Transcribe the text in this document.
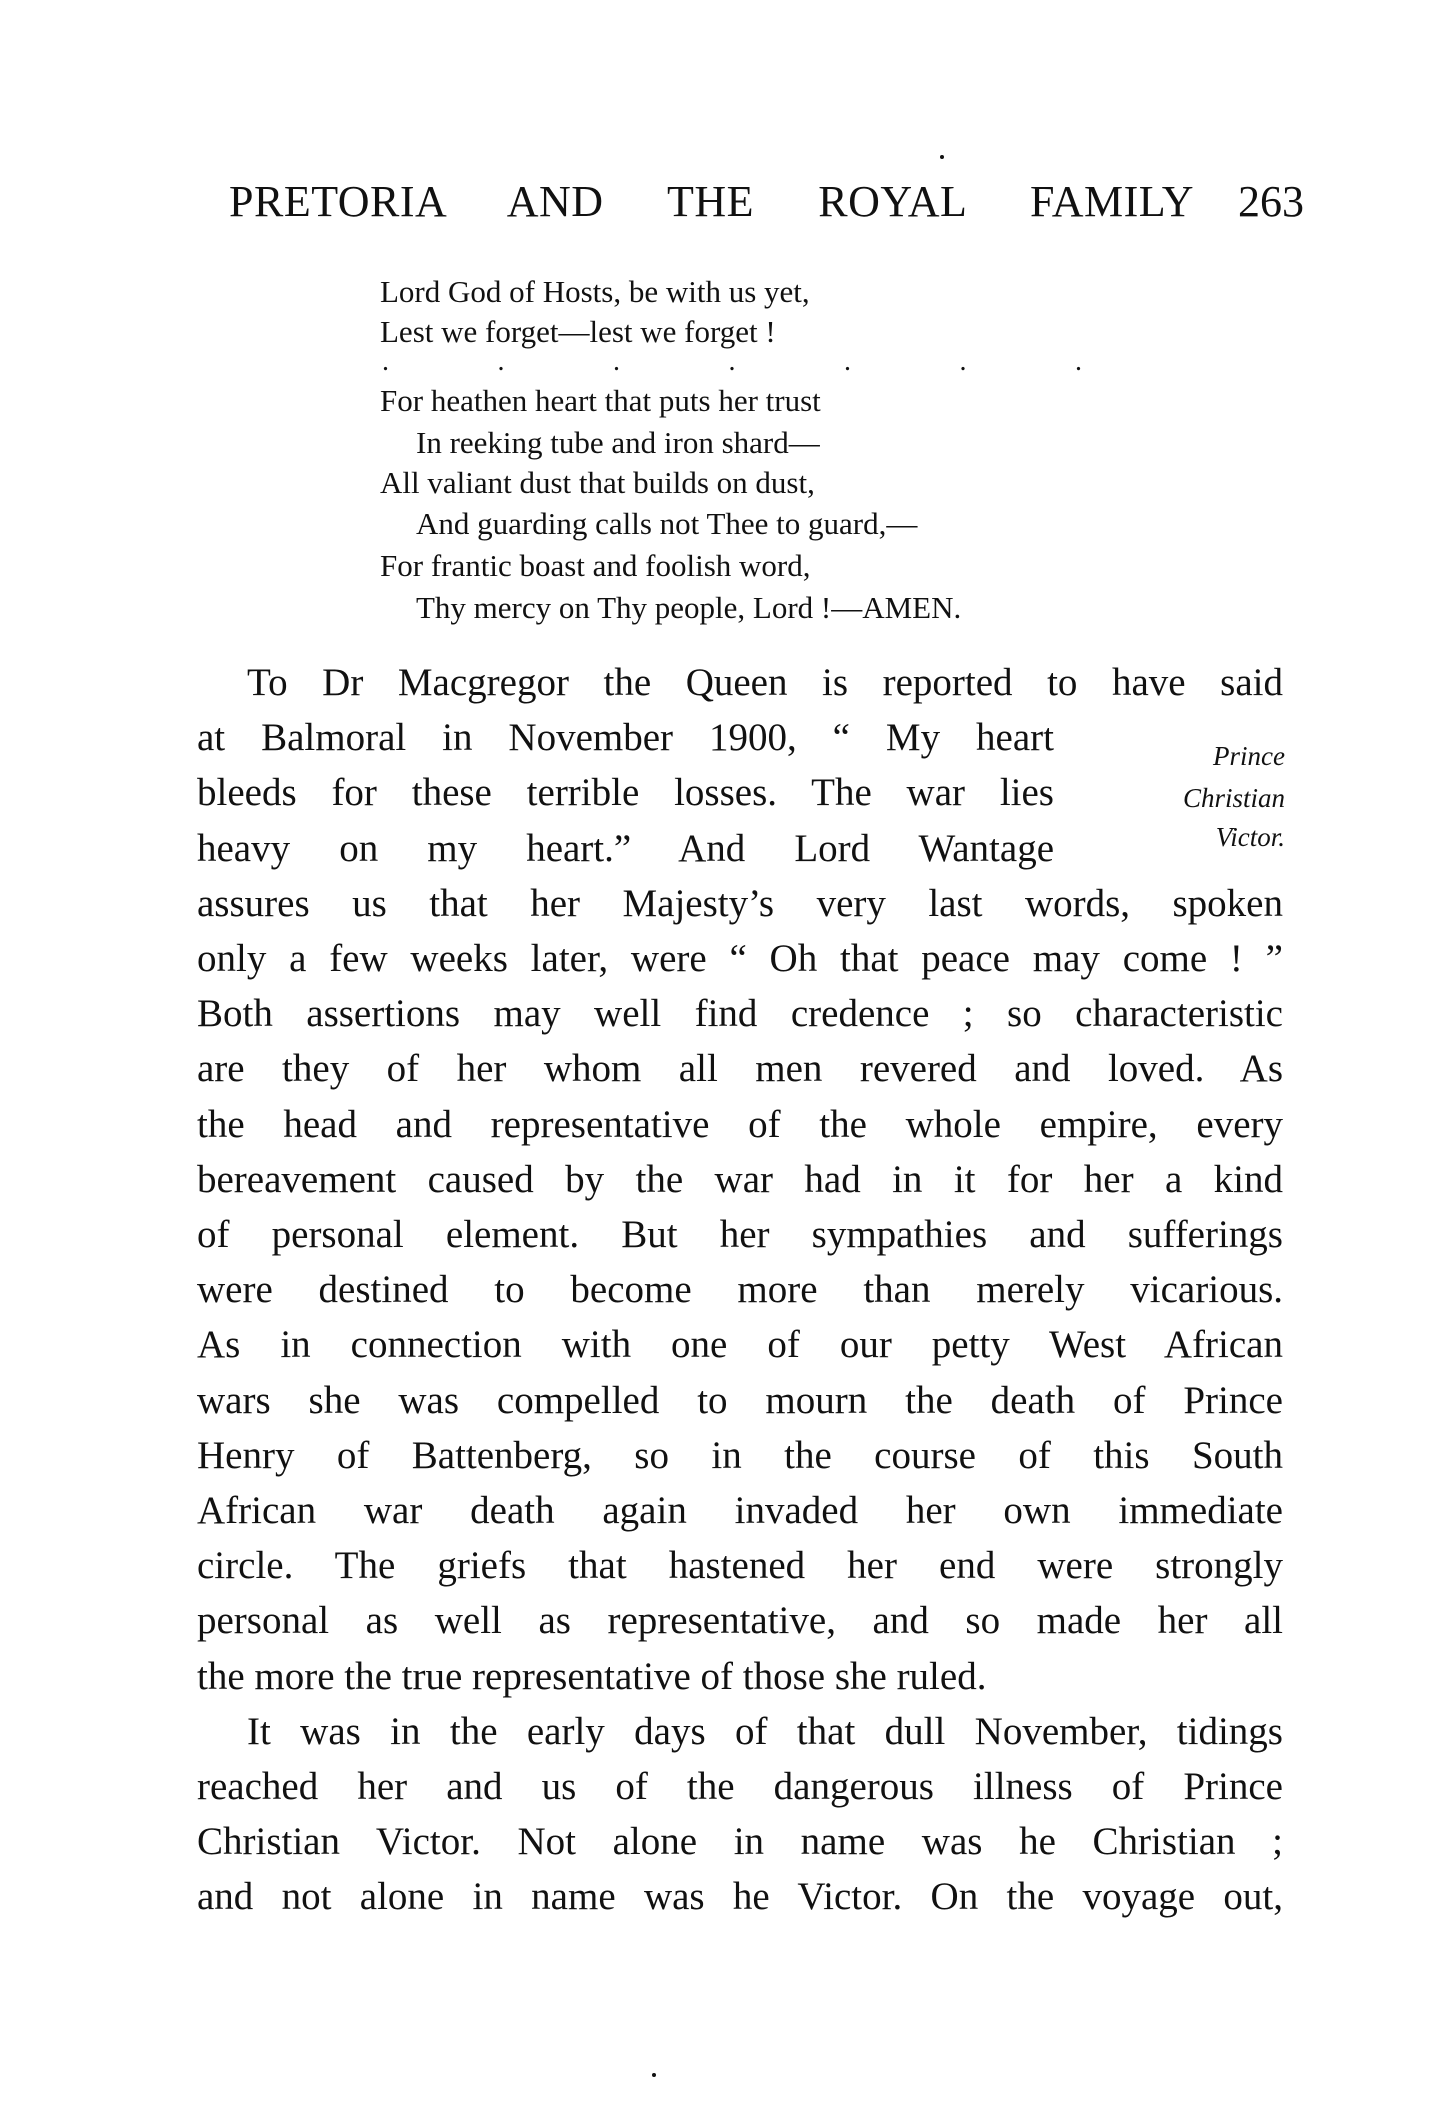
PRETORIA AND THE ROYAL FAMILY 263
Lord God of Hosts, be with us yet,
Lest we forget—lest we forget !
For heathen heart that puts her trust
In reeking tube and iron shard—
All valiant dust that builds on dust,
And guarding calls not Thee to guard,—
For frantic boast and foolish word,
Thy mercy on Thy people, Lord !—AMEN.
.	.	.	.	.	.	.
Prince
Christian
Victor.
To Dr Macgregor the Queen is reported to have said
at Balmoral in November 1900, “ My heart
bleeds for these terrible losses. The war lies
heavy on my heart.” And Lord Wantage
assures us that her Majesty’s very last words, spoken
only a few weeks later, were “ Oh that peace may come ! ”
Both assertions may well find credence ; so characteristic
are they of her whom all men revered and loved. As
the head and representative of the whole empire, every
bereavement caused by the war had in it for her a kind
of personal element. But her sympathies and sufferings
were destined to become more than merely vicarious.
As in connection with one of our petty West African
wars she was compelled to mourn the death of Prince
Henry of Battenberg, so in the course of this South
African war death again invaded her own immediate
circle. The griefs that hastened her end were strongly
personal as well as representative, and so made her all
the more the true representative of those she ruled.
It was in the early days of that dull November, tidings
reached her and us of the dangerous illness of Prince
Christian Victor. Not alone in name was he Christian ;
and not alone in name was he Victor. On the voyage out,
